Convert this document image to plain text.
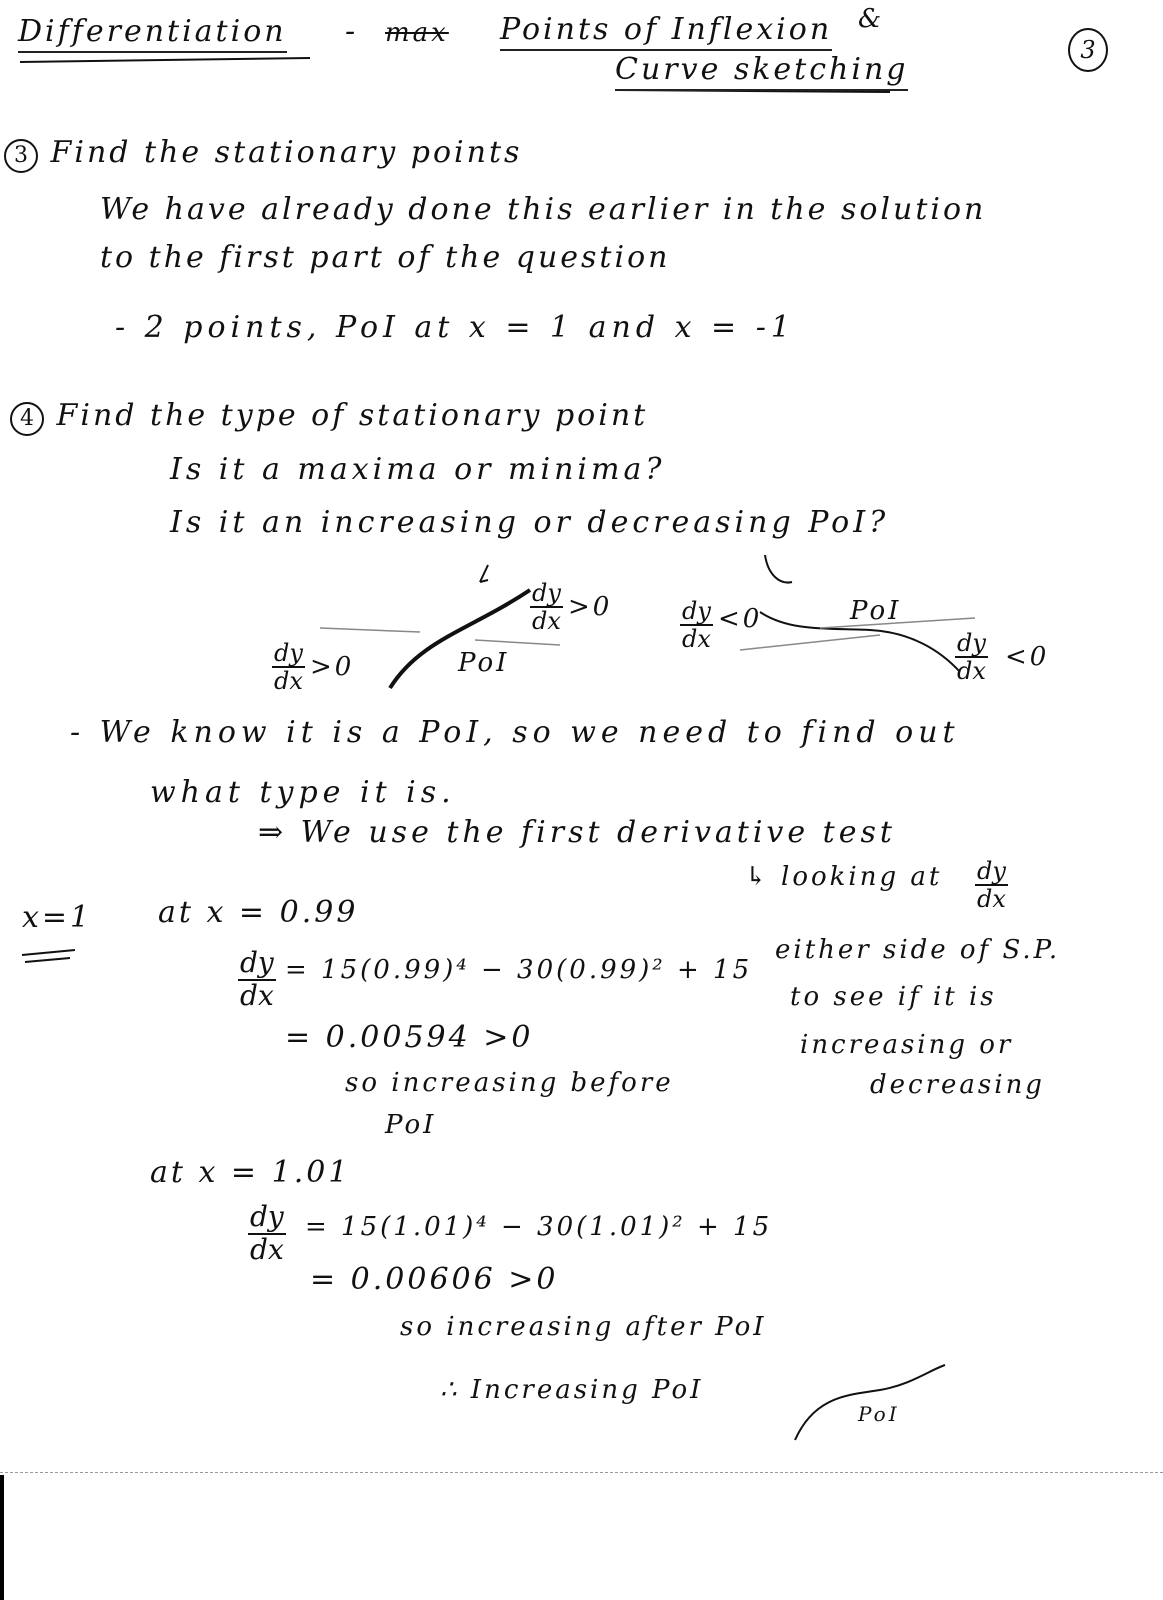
Differentiation - max Points of Inflexion &
Curve sketching
3
3 Find the stationary points
We have already done this earlier in the solution
to the first part of the question
- 2 points, PoI at x = 1 and x = -1
4 Find the type of stationary point
Is it a maxima or minima?
Is it an increasing or decreasing PoI?
$\frac{dy}{dx} >0$
$\frac{dy}{dx} >0$
PoI
$\frac{dy}{dx} <0$	PoI
$\frac{dy}{dx} <0$
- We know it is a PoI, so we need to find out
what type it is.
⇒ We use the first derivative test
↳ looking at $\frac{dy}{dx}$
either side of S.P.
to see if it is
increasing or
decreasing
x=1 at x = 0.99
$\frac{dy}{dx} = 15(0.99)^4 - 30(0.99)^2 + 15$
= 0.00594 >0
so increasing before
PoI
at x = 1.01
$\frac{dy}{dx} = 15(1.01)^4 - 30(1.01)^2 + 15$
= 0.00606 >0
so increasing after PoI
∴ Increasing PoI
PoI
